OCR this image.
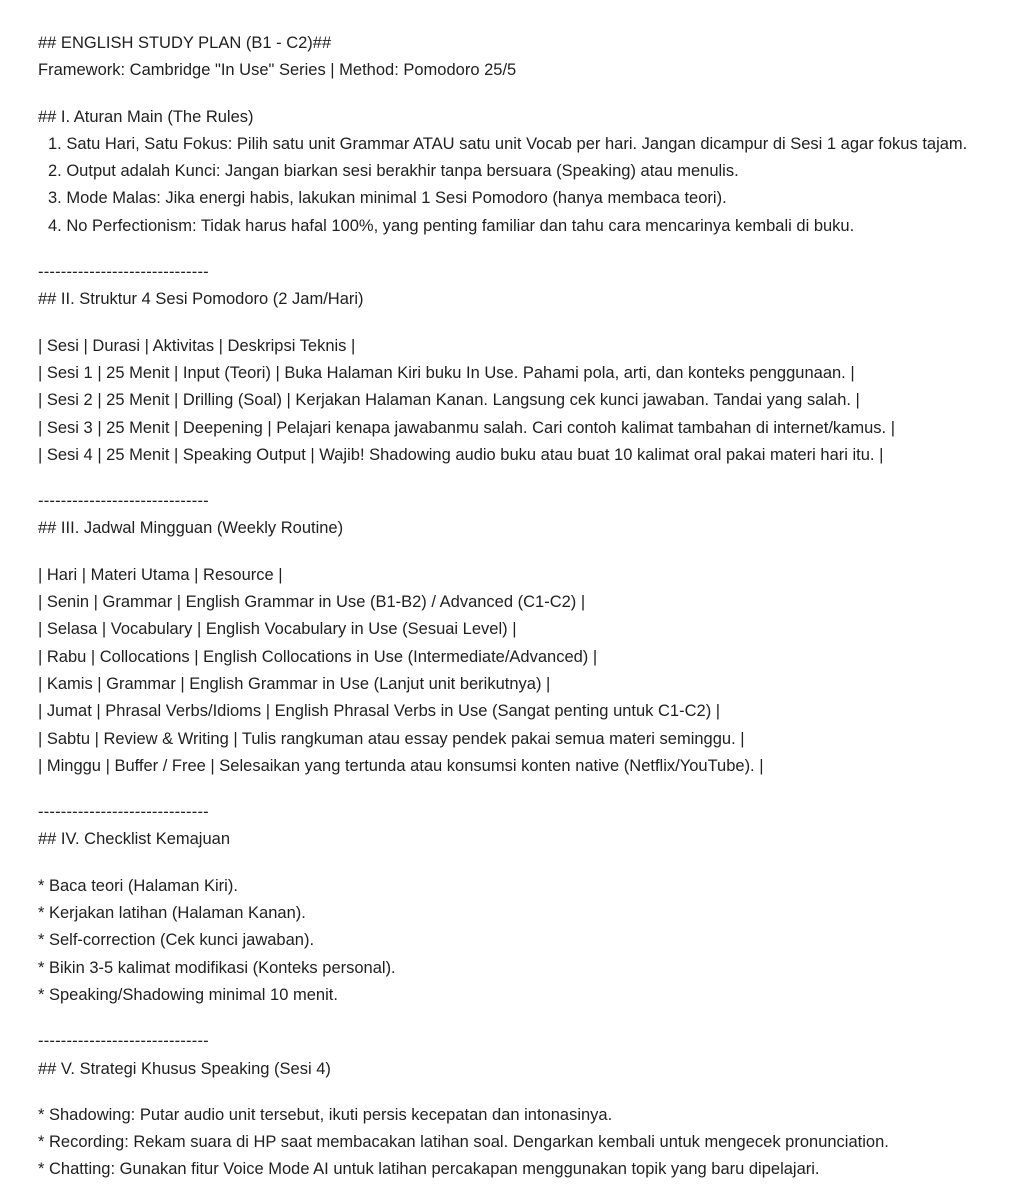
## ENGLISH STUDY PLAN (B1 - C2)##
Framework: Cambridge "In Use" Series | Method: Pomodoro 25/5
## I. Aturan Main (The Rules)
1. Satu Hari, Satu Fokus: Pilih satu unit Grammar ATAU satu unit Vocab per hari. Jangan dicampur di Sesi 1 agar fokus tajam.
2. Output adalah Kunci: Jangan biarkan sesi berakhir tanpa bersuara (Speaking) atau menulis.
3. Mode Malas: Jika energi habis, lakukan minimal 1 Sesi Pomodoro (hanya membaca teori).
4. No Perfectionism: Tidak harus hafal 100%, yang penting familiar dan tahu cara mencarinya kembali di buku.
------------------------------
## II. Struktur 4 Sesi Pomodoro (2 Jam/Hari)
| Sesi | Durasi | Aktivitas | Deskripsi Teknis |
| Sesi 1 | 25 Menit | Input (Teori) | Buka Halaman Kiri buku In Use. Pahami pola, arti, dan konteks penggunaan. |
| Sesi 2 | 25 Menit | Drilling (Soal) | Kerjakan Halaman Kanan. Langsung cek kunci jawaban. Tandai yang salah. |
| Sesi 3 | 25 Menit | Deepening | Pelajari kenapa jawabanmu salah. Cari contoh kalimat tambahan di internet/kamus. |
| Sesi 4 | 25 Menit | Speaking Output | Wajib! Shadowing audio buku atau buat 10 kalimat oral pakai materi hari itu. |
------------------------------
## III. Jadwal Mingguan (Weekly Routine)
| Hari | Materi Utama | Resource |
| Senin | Grammar | English Grammar in Use (B1-B2) / Advanced (C1-C2) |
| Selasa | Vocabulary | English Vocabulary in Use (Sesuai Level) |
| Rabu | Collocations | English Collocations in Use (Intermediate/Advanced) |
| Kamis | Grammar | English Grammar in Use (Lanjut unit berikutnya) |
| Jumat | Phrasal Verbs/Idioms | English Phrasal Verbs in Use (Sangat penting untuk C1-C2) |
| Sabtu | Review & Writing | Tulis rangkuman atau essay pendek pakai semua materi seminggu. |
| Minggu | Buffer / Free | Selesaikan yang tertunda atau konsumsi konten native (Netflix/YouTube). |
------------------------------
## IV. Checklist Kemajuan
* Baca teori (Halaman Kiri).
* Kerjakan latihan (Halaman Kanan).
* Self-correction (Cek kunci jawaban).
* Bikin 3-5 kalimat modifikasi (Konteks personal).
* Speaking/Shadowing minimal 10 menit.
------------------------------
## V. Strategi Khusus Speaking (Sesi 4)
* Shadowing: Putar audio unit tersebut, ikuti persis kecepatan dan intonasinya.
* Recording: Rekam suara di HP saat membacakan latihan soal. Dengarkan kembali untuk mengecek pronunciation.
* Chatting: Gunakan fitur Voice Mode AI untuk latihan percakapan menggunakan topik yang baru dipelajari.
